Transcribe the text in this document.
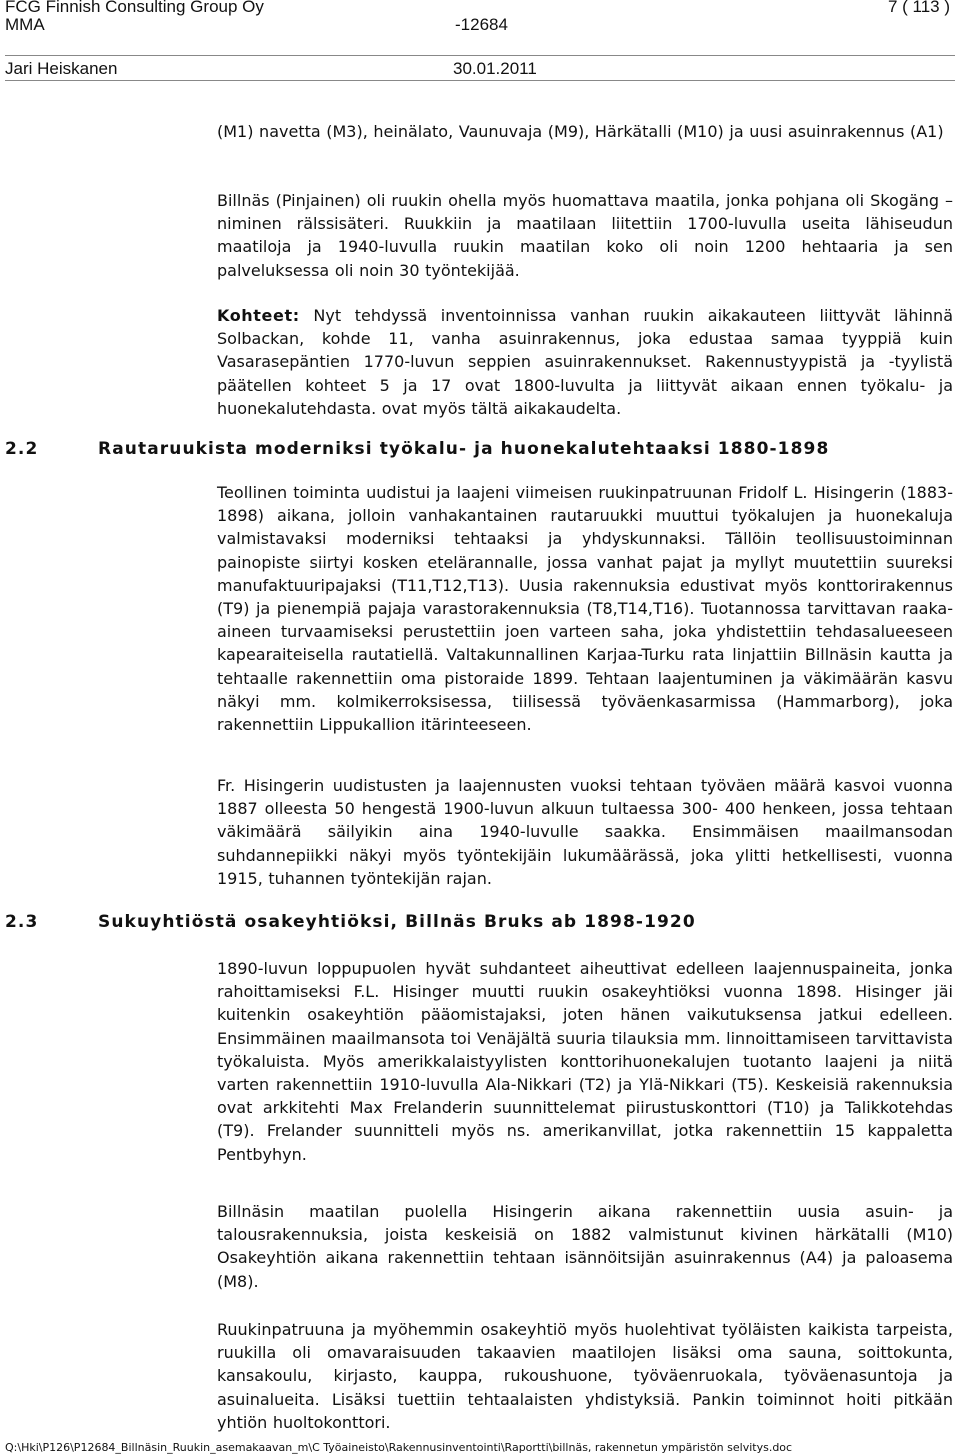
FCG Finnish Consulting Group Oy	7 ( 113 )
MMA	-12684
Jari Heiskanen	30.01.2011

(M1) navetta (M3), heinälato, Vaunuvaja (M9), Härkätalli (M10) ja uusi asuinrakennus (A1)

Billnäs (Pinjainen) oli ruukin ohella myös huomattava maatila, jonka pohjana oli Skogäng –niminen rälssisäteri. Ruukkiin ja maatilaan liitettiin 1700-luvulla useita lähiseudun maatiloja ja 1940-luvulla ruukin maatilan koko oli noin 1200 hehtaaria ja sen palveluksessa oli noin 30 työntekijää.

Kohteet: Nyt tehdyssä inventoinnissa vanhan ruukin aikakauteen liittyvät lähinnä Solbackan, kohde 11, vanha asuinrakennus, joka edustaa samaa tyyppiä kuin Vasarasepäntien 1770-luvun seppien asuinrakennukset. Rakennustyypistä ja -tyylistä päätellen kohteet 5 ja 17 ovat 1800-luvulta ja liittyvät aikaan ennen työkalu- ja huonekalutehdasta. ovat myös tältä aikakaudelta.

2.2	Rautaruukista moderniksi työkalu- ja huonekalutehtaaksi 1880-1898

Teollinen toiminta uudistui ja laajeni viimeisen ruukinpatruunan Fridolf L. Hisingerin (1883-1898) aikana, jolloin vanhakantainen rautaruukki muuttui työkalujen ja huonekaluja valmistavaksi moderniksi tehtaaksi ja yhdyskunnaksi. Tällöin teollisuustoiminnan painopiste siirtyi kosken etelärannalle, jossa vanhat pajat ja myllyt muutettiin suureksi manufaktuuripajaksi (T11,T12,T13). Uusia rakennuksia edustivat myös konttorirakennus (T9) ja pienempiä pajaja varastorakennuksia (T8,T14,T16). Tuotannossa tarvittavan raaka-aineen turvaamiseksi perustettiin joen varteen saha, joka yhdistettiin tehdasalueeseen kapearaiteisella rautatiellä. Valtakunnallinen Karjaa-Turku rata linjattiin Billnäsin kautta ja tehtaalle rakennettiin oma pistoraide 1899. Tehtaan laajentuminen ja väkimäärän kasvu näkyi mm. kolmikerroksisessa, tiilisessä työväenkasarmissa (Hammarborg), joka rakennettiin Lippukallion itärinteeseen.

Fr. Hisingerin uudistusten ja laajennusten vuoksi tehtaan työväen määrä kasvoi vuonna 1887 olleesta 50 hengestä 1900-luvun alkuun tultaessa 300- 400 henkeen, jossa tehtaan väkimäärä säilyikin aina 1940-luvulle saakka. Ensimmäisen maailmansodan suhdannepiikki näkyi myös työntekijäin lukumäärässä, joka ylitti hetkellisesti, vuonna 1915, tuhannen työntekijän rajan.

2.3	Sukuyhtiöstä osakeyhtiöksi, Billnäs Bruks ab 1898-1920

1890-luvun loppupuolen hyvät suhdanteet aiheuttivat edelleen laajennuspaineita, jonka rahoittamiseksi F.L. Hisinger muutti ruukin osakeyhtiöksi vuonna 1898. Hisinger jäi kuitenkin osakeyhtiön pääomistajaksi, joten hänen vaikutuksensa jatkui edelleen. Ensimmäinen maailmansota toi Venäjältä suuria tilauksia mm. linnoittamiseen tarvittavista työkaluista. Myös amerikkalaistyylisten konttorihuonekalujen tuotanto laajeni ja niitä varten rakennettiin 1910-luvulla Ala-Nikkari (T2) ja Ylä-Nikkari (T5). Keskeisiä rakennuksia ovat arkkitehti Max Frelanderin suunnittelemat piirustuskonttori (T10) ja Talikkotehdas (T9). Frelander suunnitteli myös ns. amerikanvillat, jotka rakennettiin 15 kappaletta Pentbyhyn.

Billnäsin maatilan puolella Hisingerin aikana rakennettiin uusia asuin- ja talousrakennuksia, joista keskeisiä on 1882 valmistunut kivinen härkätalli (M10) Osakeyhtiön aikana rakennettiin tehtaan isännöitsijän asuinrakennus (A4) ja paloasema (M8).

Ruukinpatruuna ja myöhemmin osakeyhtiö myös huolehtivat työläisten kaikista tarpeista, ruukilla oli omavaraisuuden takaavien maatilojen lisäksi oma sauna, soittokunta, kansakoulu, kirjasto, kauppa, rukoushuone, työväenruokala, työväenasuntoja ja asuinalueita. Lisäksi tuettiin tehtaalaisten yhdistyksiä. Pankin toiminnot hoiti pitkään yhtiön huoltokonttori.

Q:\Hki\P126\P12684_Billnäsin_Ruukin_asemakaavan_m\C Työaineisto\Rakennusinventointi\Raportti\billnäs, rakennetun ympäristön selvitys.doc
